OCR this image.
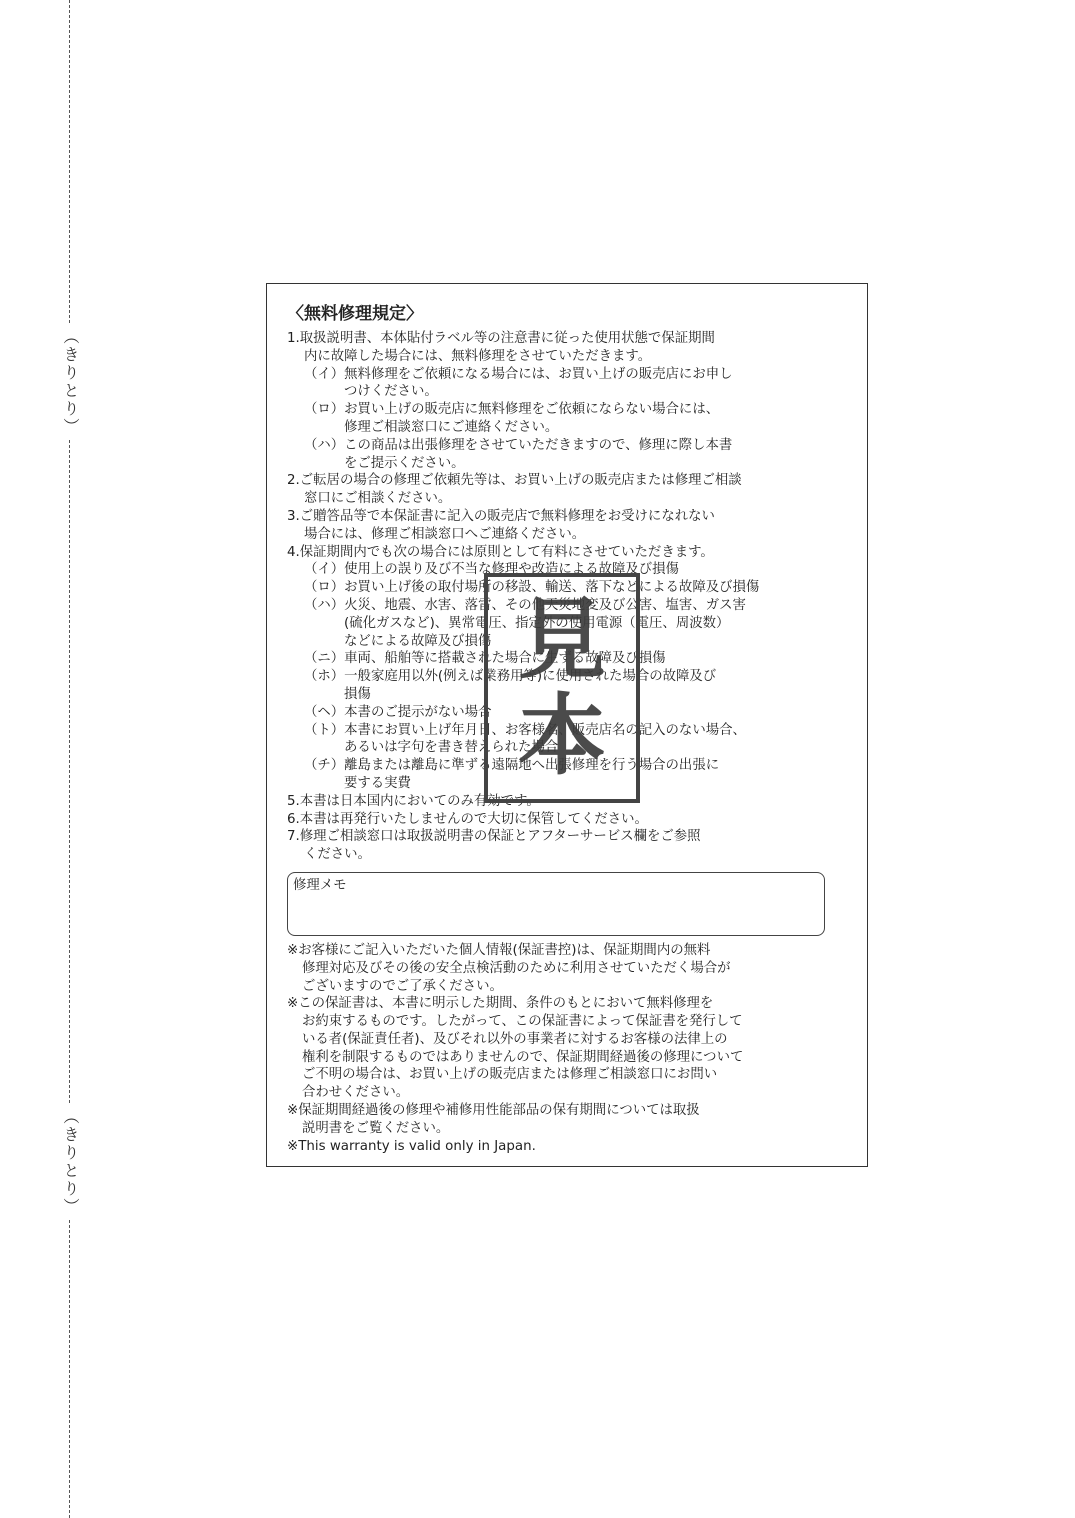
（きりとり）
（きりとり）
〈無料修理規定〉
1.取扱説明書、本体貼付ラベル等の注意書に従った使用状態で保証期間
内に故障した場合には、無料修理をさせていただきます。
（イ）無料修理をご依頼になる場合には、お買い上げの販売店にお申し
つけください。
（ロ）お買い上げの販売店に無料修理をご依頼にならない場合には、
修理ご相談窓口にご連絡ください。
（ハ）この商品は出張修理をさせていただきますので、修理に際し本書
をご提示ください。
2.ご転居の場合の修理ご依頼先等は、お買い上げの販売店または修理ご相談
窓口にご相談ください。
3.ご贈答品等で本保証書に記入の販売店で無料修理をお受けになれない
場合には、修理ご相談窓口へご連絡ください。
4.保証期間内でも次の場合には原則として有料にさせていただきます。
（イ）使用上の誤り及び不当な修理や改造による故障及び損傷
（ロ）お買い上げ後の取付場所の移設、輸送、落下などによる故障及び損傷
（ハ）火災、地震、水害、落雷、その他天災地変及び公害、塩害、ガス害
(硫化ガスなど)、異常電圧、指定外の使用電源（電圧、周波数）
などによる故障及び損傷
（ニ）車両、船舶等に搭載された場合に生ずる故障及び損傷
（ホ）一般家庭用以外(例えば業務用等)に使用された場合の故障及び
損傷
（ヘ）本書のご提示がない場合
（ト）本書にお買い上げ年月日、お客様名、販売店名の記入のない場合、
あるいは字句を書き替えられた場合
（チ）離島または離島に準ずる遠隔地へ出張修理を行う場合の出張に
要する実費
5.本書は日本国内においてのみ有効です。
6.本書は再発行いたしませんので大切に保管してください。
7.修理ご相談窓口は取扱説明書の保証とアフターサービス欄をご参照
ください。
修理メモ
※お客様にご記入いただいた個人情報(保証書控)は、保証期間内の無料
修理対応及びその後の安全点検活動のために利用させていただく場合が
ございますのでご了承ください。
※この保証書は、本書に明示した期間、条件のもとにおいて無料修理を
お約束するものです。したがって、この保証書によって保証書を発行して
いる者(保証責任者)、及びそれ以外の事業者に対するお客様の法律上の
権利を制限するものではありませんので、保証期間経過後の修理について
ご不明の場合は、お買い上げの販売店または修理ご相談窓口にお問い
合わせください。
※保証期間経過後の修理や補修用性能部品の保有期間については取扱
説明書をご覧ください。
※This warranty is valid only in Japan.
見
本
